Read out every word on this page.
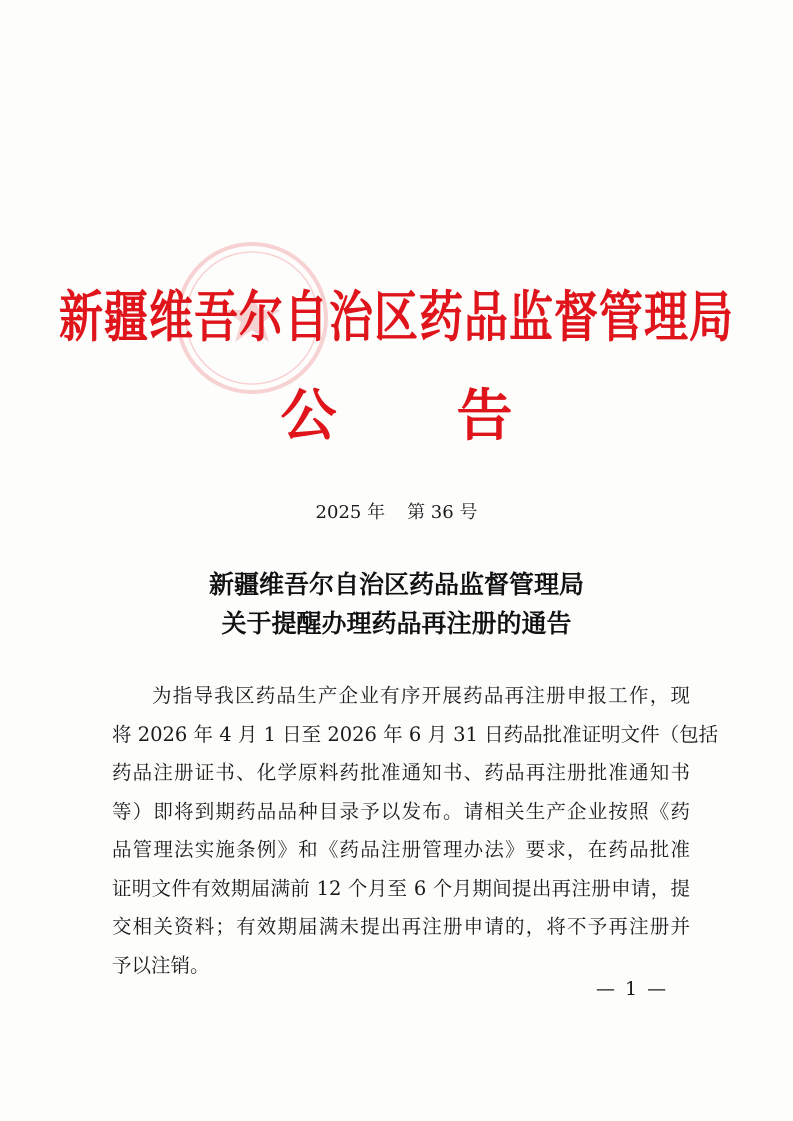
新疆维吾尔自治区药品监督管理局
公告
2025 年 第 36 号
新疆维吾尔自治区药品监督管理局
关于提醒办理药品再注册的通告
为指导我区药品生产企业有序开展药品再注册申报工作，现
将 2026 年 4 月 1 日至 2026 年 6 月 31 日药品批准证明文件（包括
药品注册证书、化学原料药批准通知书、药品再注册批准通知书
等）即将到期药品品种目录予以发布。请相关生产企业按照《药
品管理法实施条例》和《药品注册管理办法》要求，在药品批准
证明文件有效期届满前 12 个月至 6 个月期间提出再注册申请，提
交相关资料；有效期届满未提出再注册申请的，将不予再注册并
予以注销。
— 1 —
